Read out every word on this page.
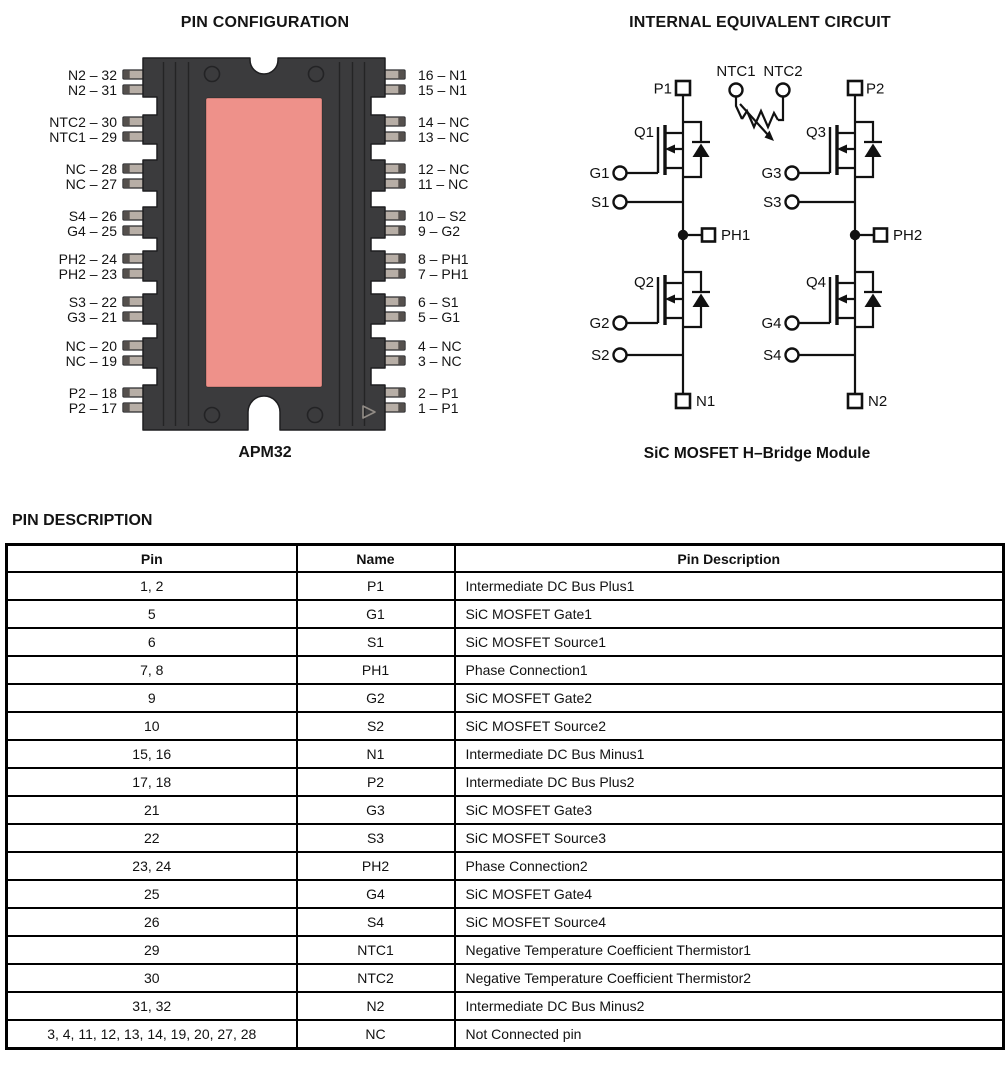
PIN CONFIGURATION	INTERNAL EQUIVALENT CIRCUIT
N2 – 32
N2 – 31
NTC2 – 30
NTC1 – 29
NC – 28
NC – 27
S4 – 26
G4 – 25
PH2 – 24
PH2 – 23
S3 – 22
G3 – 21
NC – 20
NC – 19
P2 – 18
P2 – 17
16 – N1
15 – N1
14 – NC
13 – NC
12 – NC
11 – NC
10 – S2
9 – G2
8 – PH1
7 – PH1
6 – S1
5 – G1
4 – NC
3 – NC
2 – P1
1 – P1
APM32
P1	P2
NTC1 NTC2
Q1	Q3
G1	G3
S1	S3
PH1	PH2
Q2	Q4
G2	G4
S2	S4
N1	N2
SiC MOSFET H–Bridge Module
PIN DESCRIPTION
Pin	Name	Pin Description
1, 2	P1	Intermediate DC Bus Plus1
5	G1	SiC MOSFET Gate1
6	S1	SiC MOSFET Source1
7, 8	PH1	Phase Connection1
9	G2	SiC MOSFET Gate2
10	S2	SiC MOSFET Source2
15, 16	N1	Intermediate DC Bus Minus1
17, 18	P2	Intermediate DC Bus Plus2
21	G3	SiC MOSFET Gate3
22	S3	SiC MOSFET Source3
23, 24	PH2	Phase Connection2
25	G4	SiC MOSFET Gate4
26	S4	SiC MOSFET Source4
29	NTC1	Negative Temperature Coefficient Thermistor1
30	NTC2	Negative Temperature Coefficient Thermistor2
31, 32	N2	Intermediate DC Bus Minus2
3, 4, 11, 12, 13, 14, 19, 20, 27, 28	NC	Not Connected pin
